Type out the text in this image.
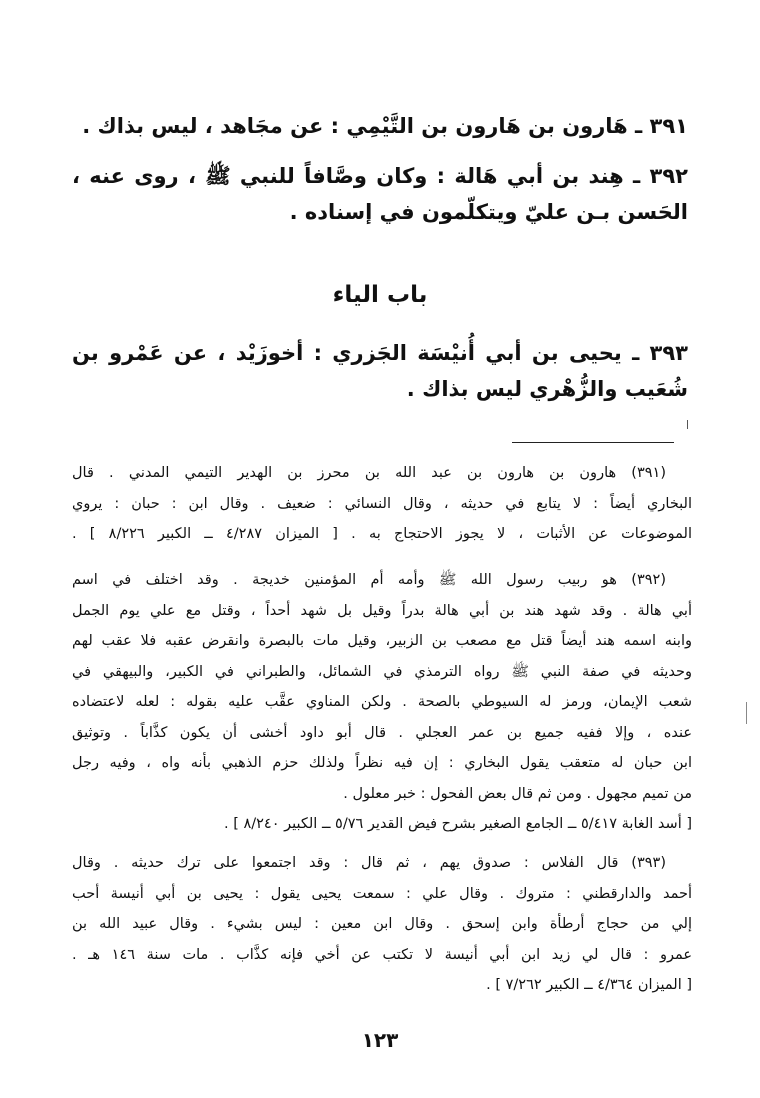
٣٩١ ـ هَارون بن هَارون بن التَّيْمِي : عن مجَاهد ، ليس بذاك .

٣٩٢ ـ هِند بن أبي هَالة : وكان وصَّافاً للنبي ﷺ ، روى عنه ،
الحَسن بـن عليّ ويتكلّمون في إسناده .
باب الياء
٣٩٣ ـ يحيى بن أبي أُنيْسَة الجَزري : أخوزَيْد ، عن عَمْرو بن
شُعَيب والزُّهْري ليس بذاك .
(٣٩١) هارون بن هارون بن عبد الله بن محرز بن الهدير التيمي المدني . قال
البخاري أيضاً : لا يتابع في حديثه ، وقال النسائي : ضعيف . وقال ابن : حبان : يروي
الموضوعات عن الأثبات ، لا يجوز الاحتجاج به . [ الميزان ٤/٢٨٧ ــ الكبير ٨/٢٢٦ ] .
(٣٩٢) هو ربيب رسول الله ﷺ وأمه أم المؤمنين خديجة . وقد اختلف في اسم
أبي هالة . وقد شهد هند بن أبي هالة بدراً وقيل بل شهد أحداً ، وقتل مع علي يوم الجمل
وابنه اسمه هند أيضاً قتل مع مصعب بن الزبير، وقيل مات بالبصرة وانقرض عقبه فلا عقب لهم
وحديثه في صفة النبي ﷺ رواه الترمذي في الشمائل، والطبراني في الكبير، والبيهقي في
شعب الإيمان، ورمز له السيوطي بالصحة . ولكن المناوي عقَّب عليه بقوله : لعله لاعتضاده
عنده ، وإلا ففيه جميع بن عمر العجلي . قال أبو داود أخشى أن يكون كذَّاباً . وتوثيق
ابن حبان له متعقب يقول البخاري : إن فيه نظراً ولذلك حزم الذهبي بأنه واه ، وفيه رجل
من تميم مجهول . ومن ثم قال بعض الفحول : خبر معلول .
[ أسد الغابة ٥/٤١٧ ــ الجامع الصغير بشرح فيض القدير ٥/٧٦ ــ الكبير ٨/٢٤٠ ] .
(٣٩٣) قال الفلاس : صدوق يهم ، ثم قال : وقد اجتمعوا على ترك حديثه . وقال
أحمد والدارقطني : متروك . وقال علي : سمعت يحيى يقول : يحيى بن أبي أنيسة أحب
إلي من حجاج أرطأة وابن إسحق . وقال ابن معين : ليس بشيء . وقال عبيد الله بن
عمرو : قال لي زيد ابن أبي أنيسة لا تكتب عن أخي فإنه كذَّاب . مات سنة ١٤٦ هـ .
[ الميزان ٤/٣٦٤ ــ الكبير ٧/٢٦٢ ] .

١٢٣
